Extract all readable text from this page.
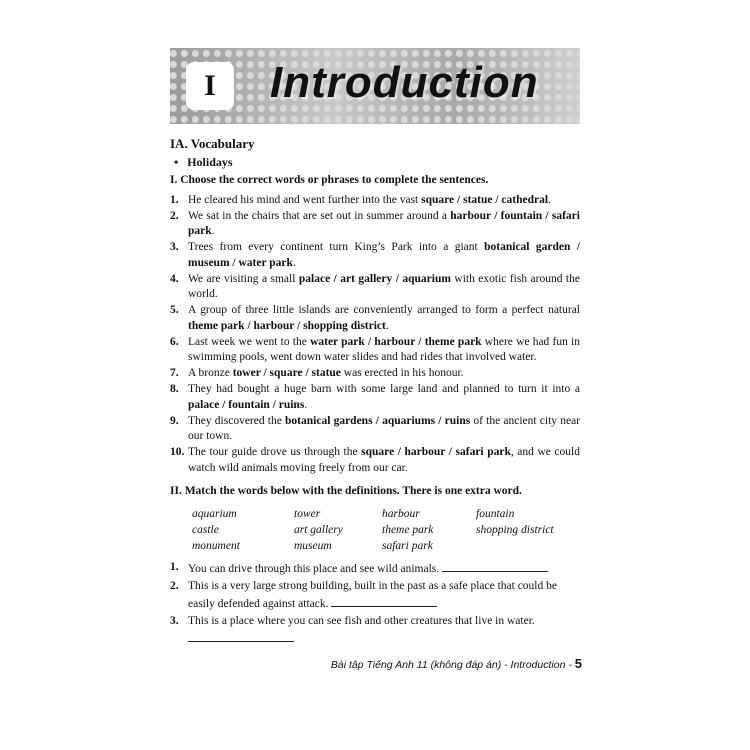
I	Introduction
IA. Vocabulary
•   Holidays
I. Choose the correct words or phrases to complete the sentences.
1. He cleared his mind and went further into the vast square / statue / cathedral.
2. We sat in the chairs that are set out in summer around a harbour / fountain / safari park.
3. Trees from every continent turn King’s Park into a giant botanical garden / museum / water park.
4. We are visiting a small palace / art gallery / aquarium with exotic fish around the world.
5. A group of three little islands are conveniently arranged to form a perfect natural theme park / harbour / shopping district.
6. Last week we went to the water park / harbour / theme park where we had fun in swimming pools, went down water slides and had rides that involved water.
7. A bronze tower / square / statue was erected in his honour.
8. They had bought a huge barn with some large land and planned to turn it into a palace / fountain / ruins.
9. They discovered the botanical gardens / aquariums / ruins of the ancient city near our town.
10. The tour guide drove us through the square / harbour / safari park, and we could watch wild animals moving freely from our car.
II. Match the words below with the definitions. There is one extra word.
aquarium	tower	harbour	fountain
castle	art gallery	theme park	shopping district
monument	museum	safari park
1. You can drive through this place and see wild animals.
2. This is a very large strong building, built in the past as a safe place that could be easily defended against attack.
3. This is a place where you can see fish and other creatures that live in water.
Bài tập Tiếng Anh 11 (không đáp án) - Introduction - 5
